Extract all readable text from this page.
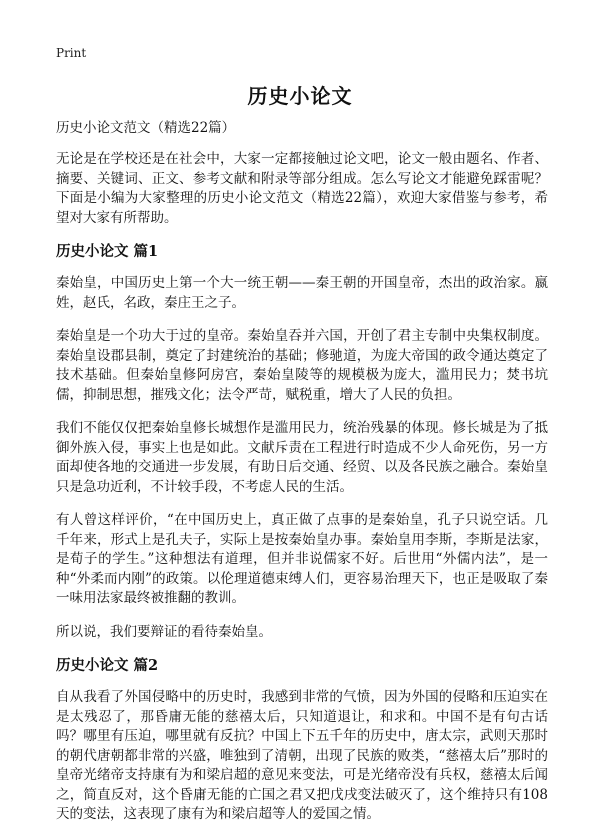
Print
历史小论文

历史小论文范文（精选22篇）

无论是在学校还是在社会中，大家一定都接触过论文吧，论文一般由题名、作者、摘要、关键词、正文、参考文献和附录等部分组成。怎么写论文才能避免踩雷呢？下面是小编为大家整理的历史小论文范文（精选22篇），欢迎大家借鉴与参考，希望对大家有所帮助。

历史小论文 篇1

秦始皇，中国历史上第一个大一统王朝——秦王朝的开国皇帝，杰出的政治家。嬴姓，赵氏，名政，秦庄王之子。

秦始皇是一个功大于过的皇帝。秦始皇吞并六国，开创了君主专制中央集权制度。秦始皇设郡县制，奠定了封建统治的基础；修驰道，为庞大帝国的政令通达奠定了技术基础。但秦始皇修阿房宫，秦始皇陵等的规模极为庞大，滥用民力；焚书坑儒，抑制思想，摧残文化；法令严苛，赋税重，增大了人民的负担。

我们不能仅仅把秦始皇修长城想作是滥用民力，统治残暴的体现。修长城是为了抵御外族入侵，事实上也是如此。文献斥责在工程进行时造成不少人命死伤，另一方面却使各地的交通进一步发展，有助日后交通、经贸、以及各民族之融合。秦始皇只是急功近利，不计较手段，不考虑人民的生活。

有人曾这样评价，“在中国历史上，真正做了点事的是秦始皇，孔子只说空话。几千年来，形式上是孔夫子，实际上是按秦始皇办事。秦始皇用李斯，李斯是法家，是荀子的学生。”这种想法有道理，但并非说儒家不好。后世用“外儒内法”，是一种“外柔而内刚”的政策。以伦理道德束缚人们，更容易治理天下，也正是吸取了秦一味用法家最终被推翻的教训。

所以说，我们要辩证的看待秦始皇。

历史小论文 篇2

自从我看了外国侵略中的历史时，我感到非常的气愤，因为外国的侵略和压迫实在是太残忍了，那昏庸无能的慈禧太后，只知道退让，和求和。中国不是有句古话吗？哪里有压迫，哪里就有反抗？中国上下五千年的历史中，唐太宗，武则天那时的朝代唐朝都非常的兴盛，唯独到了清朝，出现了民族的败类，“慈禧太后”那时的皇帝光绪帝支持康有为和梁启超的意见来变法，可是光绪帝没有兵权，慈禧太后闻之，简直反对，这个昏庸无能的亡国之君又把戊戌变法破灭了，这个维持只有108天的变法，这表现了康有为和梁启超等人的爱国之情。
